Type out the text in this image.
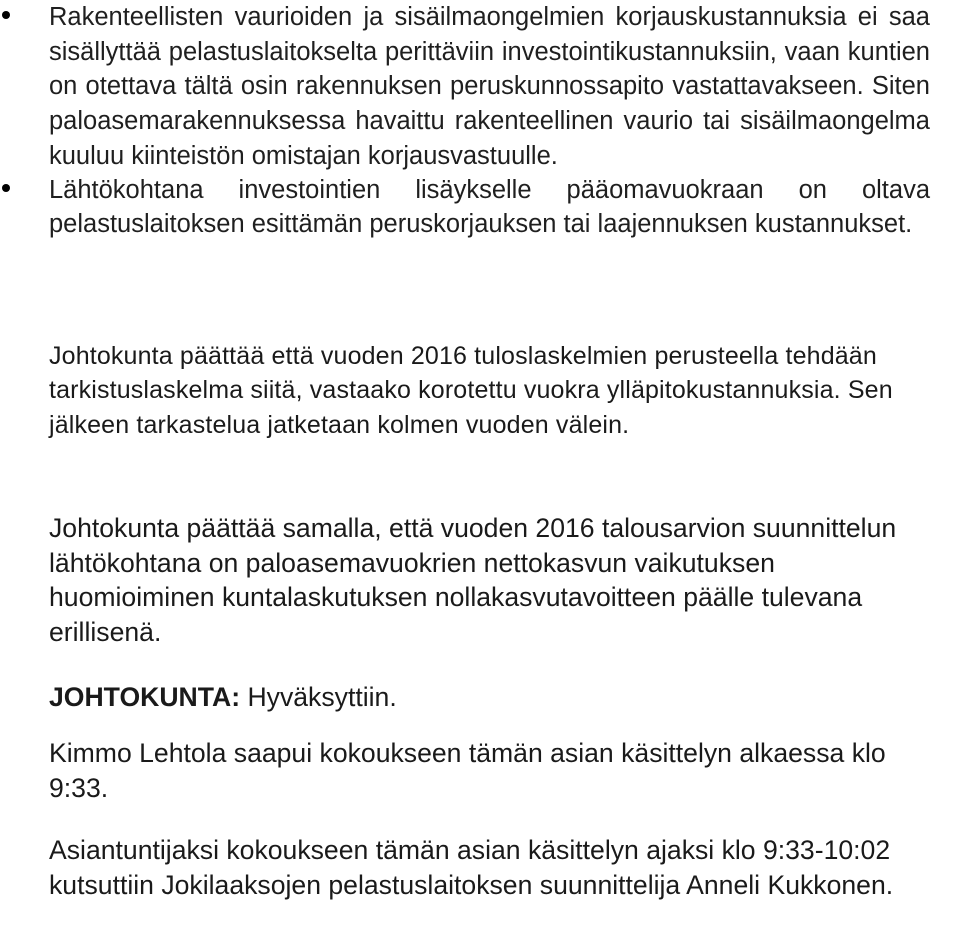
Rakenteellisten vaurioiden ja sisäilmaongelmien korjauskustannuksia ei saa sisällyttää pelastuslaitokselta perittäviin investointikustannuksiin, vaan kuntien on otettava tältä osin rakennuksen peruskunnossapito vastattavakseen. Siten paloasemarakennuksessa havaittu rakenteellinen vaurio tai sisäilmaongelma kuuluu kiinteistön omistajan korjausvastuulle.
Lähtökohtana investointien lisäykselle pääomavuokraan on oltava pelastuslaitoksen esittämän peruskorjauksen tai laajennuksen kustannukset.

Johtokunta päättää että vuoden 2016 tuloslaskelmien perusteella tehdään tarkistuslaskelma siitä, vastaako korotettu vuokra ylläpitokustannuksia. Sen jälkeen tarkastelua jatketaan kolmen vuoden välein.

Johtokunta päättää samalla, että vuoden 2016 talousarvion suunnittelun lähtökohtana on paloasemavuokrien nettokasvun vaikutuksen huomioiminen kuntalaskutuksen nollakasvutavoitteen päälle tulevana erillisenä.

JOHTOKUNTA: Hyväksyttiin.

Kimmo Lehtola saapui kokoukseen tämän asian käsittelyn alkaessa klo 9:33.

Asiantuntijaksi kokoukseen tämän asian käsittelyn ajaksi klo 9:33-10:02 kutsuttiin Jokilaaksojen pelastuslaitoksen suunnittelija Anneli Kukkonen.
